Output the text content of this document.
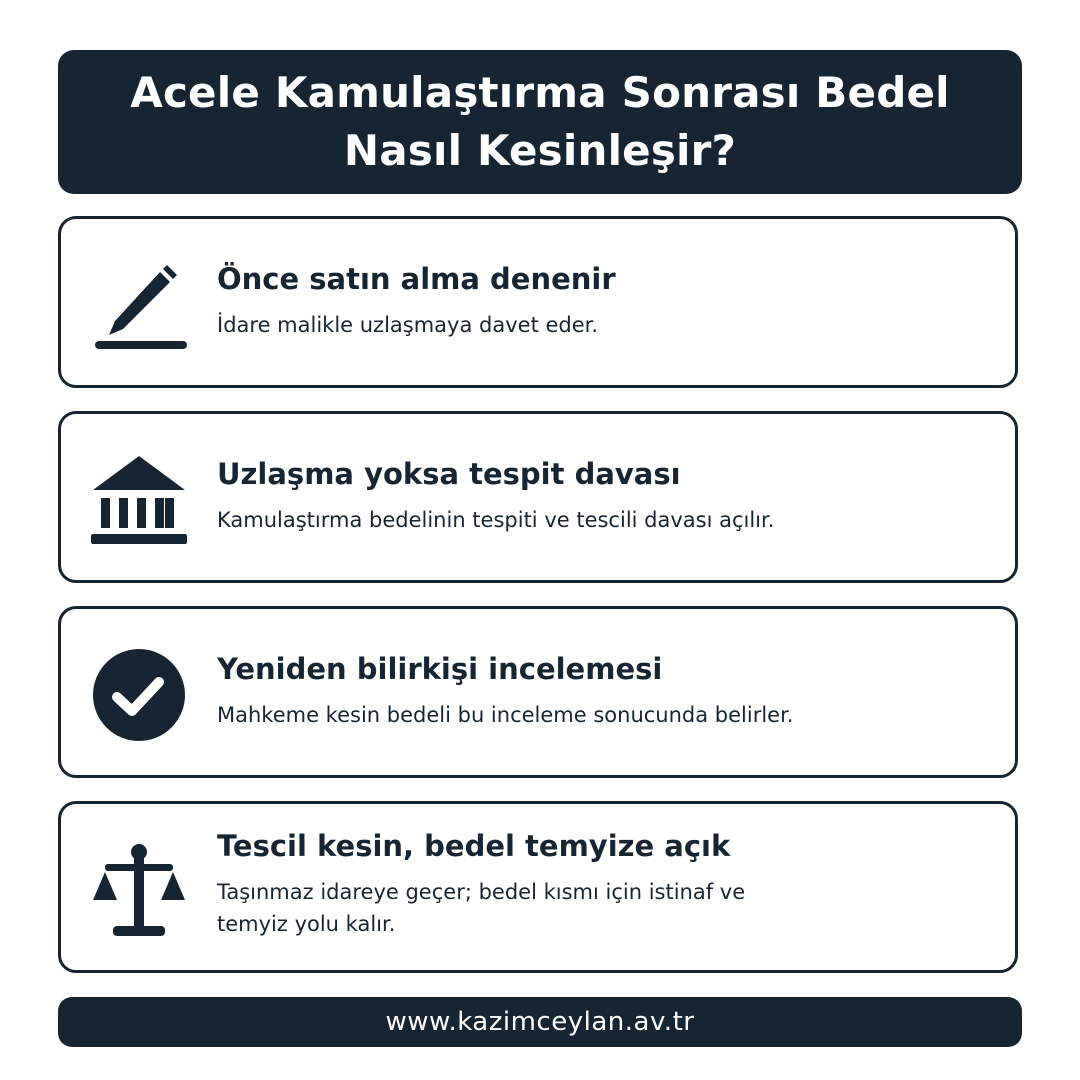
Acele Kamulaştırma Sonrası Bedel
Nasıl Kesinleşir?
Önce satın alma denenir
İdare malikle uzlaşmaya davet eder.
Uzlaşma yoksa tespit davası
Kamulaştırma bedelinin tespiti ve tescili davası açılır.
Yeniden bilirkişi incelemesi
Mahkeme kesin bedeli bu inceleme sonucunda belirler.
Tescil kesin, bedel temyize açık
Taşınmaz idareye geçer; bedel kısmı için istinaf ve
temyiz yolu kalır.
www.kazimceylan.av.tr
